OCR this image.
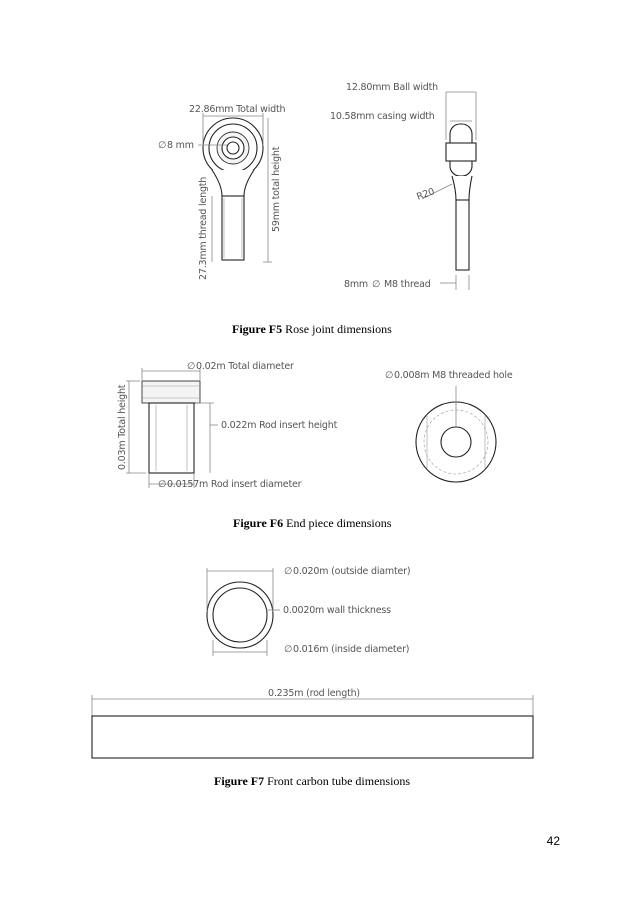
22.86mm Total width
∅ 8 mm
27.3mm thread length	59mm total height
12.80mm Ball width
10.58mm casing width
R20
8mm ∅ M8 thread
Figure F5 Rose joint dimensions
∅ 0.02m Total diameter
0.03m Total height	0.022m Rod insert height
∅ 0.0157m Rod insert diameter
∅ 0.008m M8 threaded hole
Figure F6 End piece dimensions
∅ 0.020m (outside diamter)
0.0020m wall thickness
∅ 0.016m (inside diameter)
0.235m (rod length)
Figure F7 Front carbon tube dimensions
42
